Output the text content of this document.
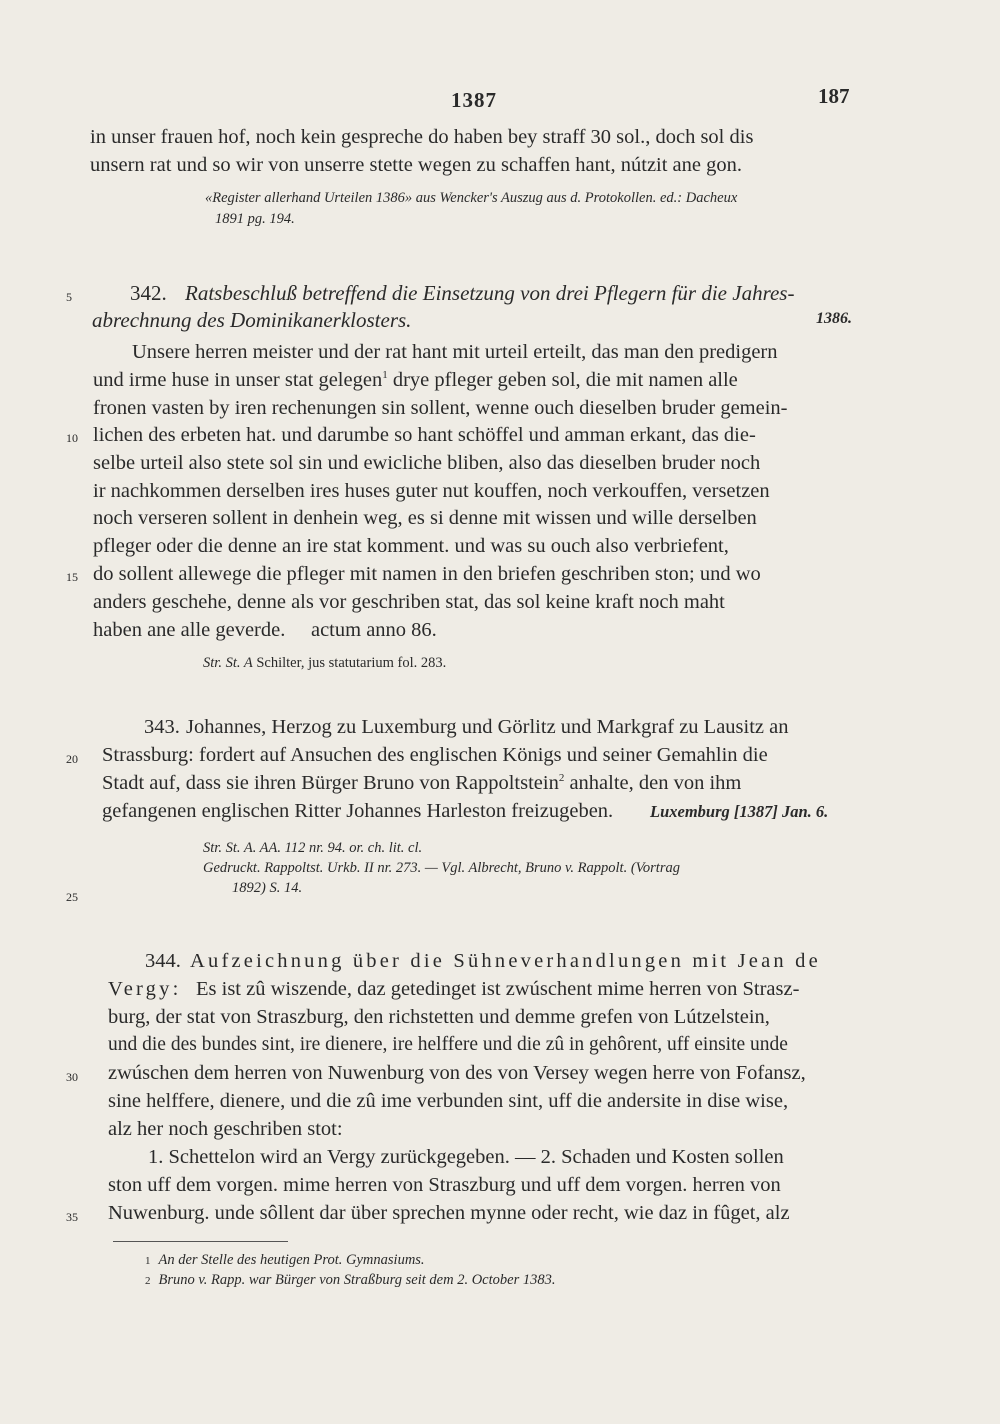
1387	187
in unser frauen hof, noch kein gespreche do haben bey straff 30 sol., doch sol dis
unsern rat und so wir von unserre stette wegen zu schaffen hant, nútzit ane gon.
«Register allerhand Urteilen 1386» aus Wencker's Auszug aus d. Protokollen. ed.: Dacheux
1891 pg. 194.
5	342. Ratsbeschluß betreffend die Einsetzung von drei Pflegern für die Jahres-
abrechnung des Dominikanerklosters.	1386.
Unsere herren meister und der rat hant mit urteil erteilt, das man den predigern
und irme huse in unser stat gelegen$^1$ drye pfleger geben sol, die mit namen alle
fronen vasten by iren rechenungen sin sollent, wenne ouch dieselben bruder gemein-
10 lichen des erbeten hat. und darumbe so hant schöffel und amman erkant, das die-
selbe urteil also stete sol sin und ewicliche bliben, also das dieselben bruder noch
ir nachkommen derselben ires huses guter nut kouffen, noch verkouffen, versetzen
noch verseren sollent in denhein weg, es si denne mit wissen und wille derselben
pfleger oder die denne an ire stat komment. und was su ouch also verbriefent,
15 do sollent allewege die pfleger mit namen in den briefen geschriben ston; und wo
anders geschehe, denne als vor geschriben stat, das sol keine kraft noch maht
haben ane alle geverde.     actum anno 86.
Str. St. A Schilter, jus statutarium fol. 283.
343. Johannes, Herzog zu Luxemburg und Görlitz und Markgraf zu Lausitz an
20	Strassburg: fordert auf Ansuchen des englischen Königs und seiner Gemahlin die
Stadt auf, dass sie ihren Bürger Bruno von Rappoltstein$^2$ anhalte, den von ihm
gefangenen englischen Ritter Johannes Harleston freizugeben. Luxemburg [1387] Jan. 6.
Str. St. A. AA. 112 nr. 94. or. ch. lit. cl.
Gedruckt. Rappoltst. Urkb. II nr. 273. — Vgl. Albrecht, Bruno v. Rappolt. (Vortrag
25
1892) S. 14.
344. Aufzeichnung über die Sühneverhandlungen mit Jean de
Vergy: Es ist zû wiszende, daz getedinget ist zwúschent mime herren von Strasz-
burg, der stat von Straszburg, den richstetten und demme grefen von Lútzelstein,
und die des bundes sint, ire dienere, ire helffere und die zû in gehôrent, uff einsite unde
30	zwúschen dem herren von Nuwenburg von des von Versey wegen herre von Fofansz,
sine helffere, dienere, und die zû ime verbunden sint, uff die andersite in dise wise,
alz her noch geschriben stot:
1. Schettelon wird an Vergy zurückgegeben. — 2. Schaden und Kosten sollen
ston uff dem vorgen. mime herren von Straszburg und uff dem vorgen. herren von
35	Nuwenburg. unde sôllent dar über sprechen mynne oder recht, wie daz in fûget, alz
1 An der Stelle des heutigen Prot. Gymnasiums.
2 Bruno v. Rapp. war Bürger von Straßburg seit dem 2. October 1383.
